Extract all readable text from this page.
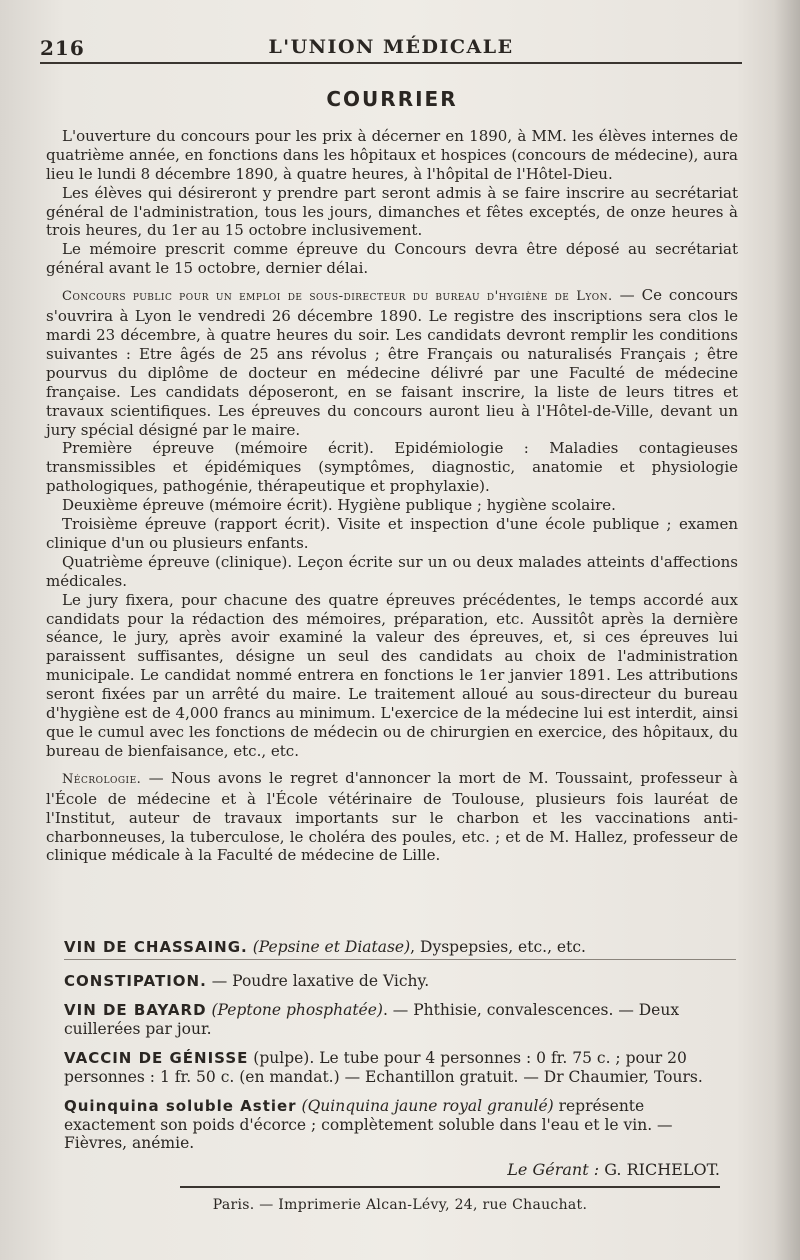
216	L'UNION MÉDICALE
COURRIER

L'ouverture du concours pour les prix à décerner en 1890, à MM. les élèves internes de quatrième année, en fonctions dans les hôpitaux et hospices (concours de médecine), aura lieu le lundi 8 décembre 1890, à quatre heures, à l'hôpital de l'Hôtel-Dieu.

Les élèves qui désireront y prendre part seront admis à se faire inscrire au secrétariat général de l'administration, tous les jours, dimanches et fêtes exceptés, de onze heures à trois heures, du 1er au 15 octobre inclusivement.

Le mémoire prescrit comme épreuve du Concours devra être déposé au secrétariat général avant le 15 octobre, dernier délai.

Concours public pour un emploi de sous-directeur du bureau d'hygiène de Lyon. — Ce concours s'ouvrira à Lyon le vendredi 26 décembre 1890. Le registre des inscriptions sera clos le mardi 23 décembre, à quatre heures du soir. Les candidats devront remplir les conditions suivantes : Etre âgés de 25 ans révolus ; être Français ou naturalisés Français ; être pourvus du diplôme de docteur en médecine délivré par une Faculté de médecine française. Les candidats déposeront, en se faisant inscrire, la liste de leurs titres et travaux scientifiques. Les épreuves du concours auront lieu à l'Hôtel-de-Ville, devant un jury spécial désigné par le maire.

Première épreuve (mémoire écrit). Epidémiologie : Maladies contagieuses transmissibles et épidémiques (symptômes, diagnostic, anatomie et physiologie pathologiques, pathogénie, thérapeutique et prophylaxie).

Deuxième épreuve (mémoire écrit). Hygiène publique ; hygiène scolaire.

Troisième épreuve (rapport écrit). Visite et inspection d'une école publique ; examen clinique d'un ou plusieurs enfants.

Quatrième épreuve (clinique). Leçon écrite sur un ou deux malades atteints d'affections médicales.

Le jury fixera, pour chacune des quatre épreuves précédentes, le temps accordé aux candidats pour la rédaction des mémoires, préparation, etc. Aussitôt après la dernière séance, le jury, après avoir examiné la valeur des épreuves, et, si ces épreuves lui paraissent suffisantes, désigne un seul des candidats au choix de l'administration municipale. Le candidat nommé entrera en fonctions le 1er janvier 1891. Les attributions seront fixées par un arrêté du maire. Le traitement alloué au sous-directeur du bureau d'hygiène est de 4,000 francs au minimum. L'exercice de la médecine lui est interdit, ainsi que le cumul avec les fonctions de médecin ou de chirurgien en exercice, des hôpitaux, du bureau de bienfaisance, etc., etc.

Nécrologie. — Nous avons le regret d'annoncer la mort de M. Toussaint, professeur à l'École de médecine et à l'École vétérinaire de Toulouse, plusieurs fois lauréat de l'Institut, auteur de travaux importants sur le charbon et les vaccinations anti-charbonneuses, la tuberculose, le choléra des poules, etc. ; et de M. Hallez, professeur de clinique médicale à la Faculté de médecine de Lille.

VIN DE CHASSAING. (Pepsine et Diatase), Dyspepsies, etc., etc.
CONSTIPATION. — Poudre laxative de Vichy.
VIN DE BAYARD (Peptone phosphatée). — Phthisie, convalescences. — Deux cuillerées par jour.
VACCIN DE GÉNISSE (pulpe). Le tube pour 4 personnes : 0 fr. 75 c. ; pour 20 personnes : 1 fr. 50 c. (en mandat.) — Echantillon gratuit. — Dr Chaumier, Tours.
Quinquina soluble Astier (Quinquina jaune royal granulé) représente exactement son poids d'écorce ; complètement soluble dans l'eau et le vin. — Fièvres, anémie.
Le Gérant : G. RICHELOT.
Paris. — Imprimerie Alcan-Lévy, 24, rue Chauchat.
